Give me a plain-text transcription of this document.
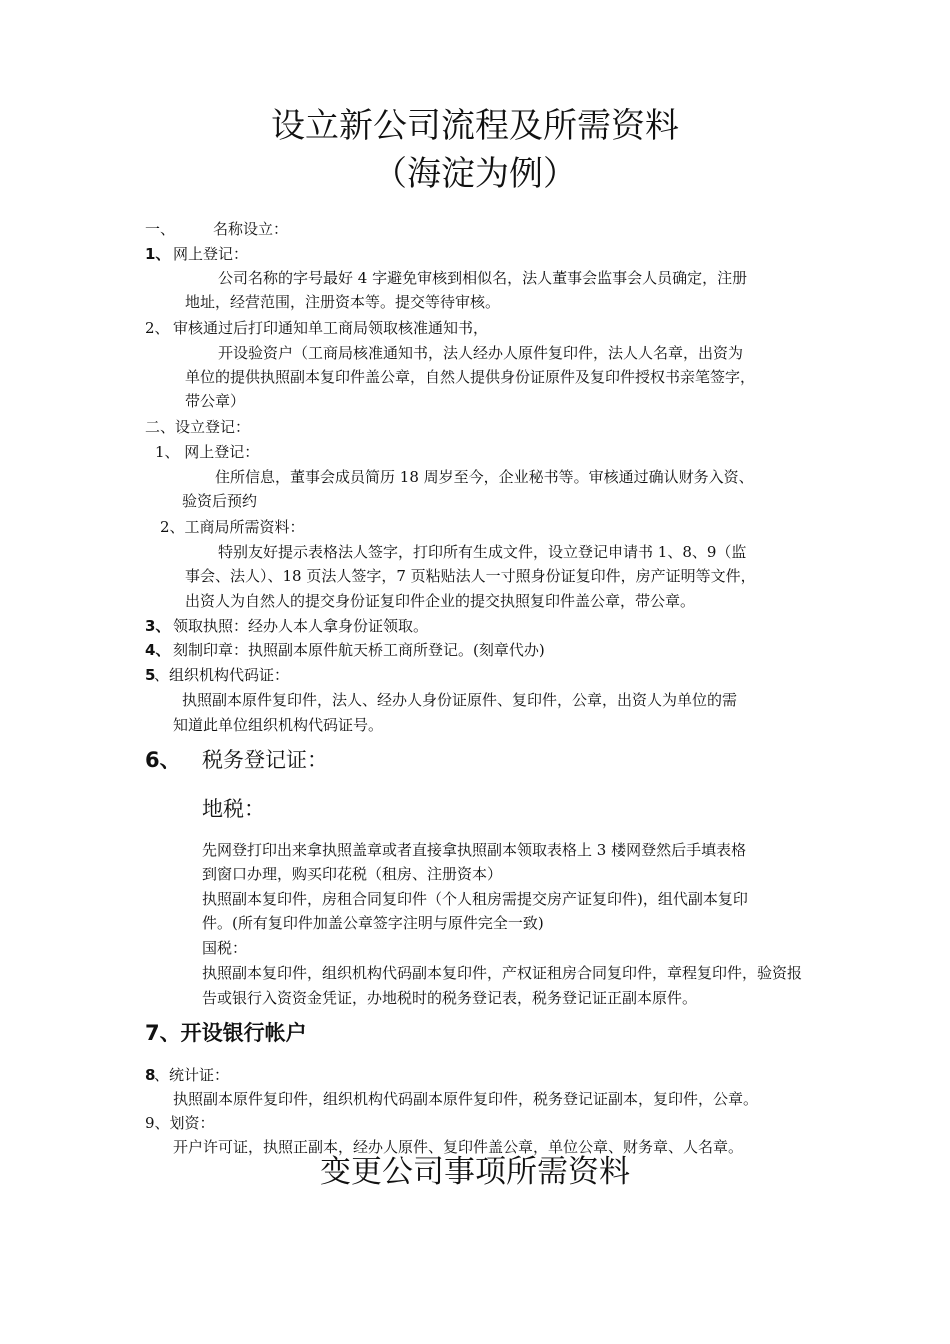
设立新公司流程及所需资料
（海淀为例）
一、	名称设立：
1、 网上登记：
公司名称的字号最好 4 字避免审核到相似名，法人董事会监事会人员确定，注册
地址，经营范围，注册资本等。提交等待审核。
2、 审核通过后打印通知单工商局领取核准通知书，
开设验资户（工商局核准通知书，法人经办人原件复印件，法人人名章，出资为
单位的提供执照副本复印件盖公章，自然人提供身份证原件及复印件授权书亲笔签字，
带公章）
二、设立登记：
1、 网上登记：
住所信息，董事会成员简历 18 周岁至今，企业秘书等。审核通过确认财务入资、
验资后预约
2、工商局所需资料：
特别友好提示表格法人签字，打印所有生成文件，设立登记申请书 1、8、9（监
事会、法人）、18 页法人签字，7 页粘贴法人一寸照身份证复印件，房产证明等文件，
出资人为自然人的提交身份证复印件企业的提交执照复印件盖公章，带公章。
3、 领取执照：经办人本人拿身份证领取。
4、 刻制印章：执照副本原件航天桥工商所登记。(刻章代办)
5
、组织机构代码证：
执照副本原件复印件，法人、经办人身份证原件、复印件，公章，出资人为单位的需
知道此单位组织机构代码证号。
6、 税务登记证：
地税：
先网登打印出来拿执照盖章或者直接拿执照副本领取表格上 3 楼网登然后手填表格
到窗口办理，购买印花税（租房、注册资本）
执照副本复印件，房租合同复印件（个人租房需提交房产证复印件)，组代副本复印
件。(所有复印件加盖公章签字注明与原件完全一致)
国税：
执照副本复印件，组织机构代码副本复印件，产权证租房合同复印件，章程复印件，验资报
告或银行入资资金凭证，办地税时的税务登记表，税务登记证正副本原件。
7、开设银行帐户
8
、统计证：
执照副本原件复印件，组织机构代码副本原件复印件，税务登记证副本，复印件，公章。
9、划资：
开户许可证，执照正副本，经办人原件、复印件盖公章，单位公章、财务章、人名章。
变更公司事项所需资料
